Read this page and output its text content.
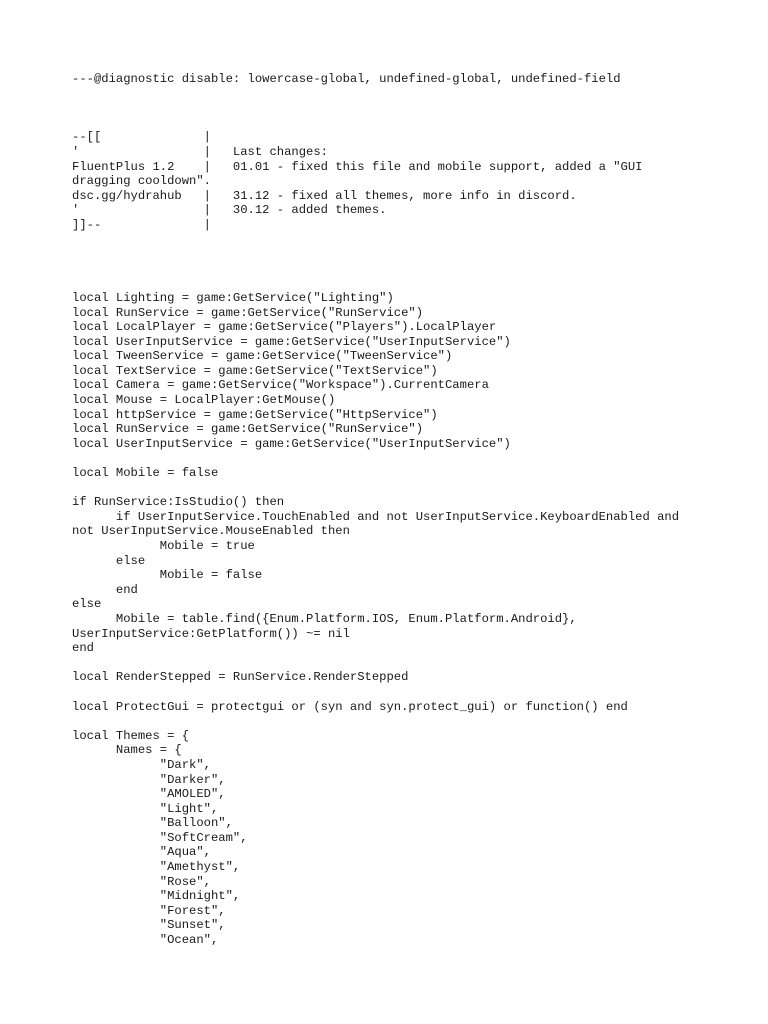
---@diagnostic disable: lowercase-global, undefined-global, undefined-field

--[[              |
'                 |   Last changes:
FluentPlus 1.2    |   01.01 - fixed this file and mobile support, added a "GUI
dragging cooldown".
dsc.gg/hydrahub   |   31.12 - fixed all themes, more info in discord.
'                 |   30.12 - added themes.
]]--              |

local Lighting = game:GetService("Lighting")
local RunService = game:GetService("RunService")
local LocalPlayer = game:GetService("Players").LocalPlayer
local UserInputService = game:GetService("UserInputService")
local TweenService = game:GetService("TweenService")
local TextService = game:GetService("TextService")
local Camera = game:GetService("Workspace").CurrentCamera
local Mouse = LocalPlayer:GetMouse()
local httpService = game:GetService("HttpService")
local RunService = game:GetService("RunService")
local UserInputService = game:GetService("UserInputService")

local Mobile = false

if RunService:IsStudio() then
if UserInputService.TouchEnabled and not UserInputService.KeyboardEnabled and
not UserInputService.MouseEnabled then
Mobile = true
else
Mobile = false
end
else
Mobile = table.find({Enum.Platform.IOS, Enum.Platform.Android},
UserInputService:GetPlatform()) ~= nil
end

local RenderStepped = RunService.RenderStepped

local ProtectGui = protectgui or (syn and syn.protect_gui) or function() end

local Themes = {
Names = {
"Dark",
"Darker",
"AMOLED",
"Light",
"Balloon",
"SoftCream",
"Aqua",
"Amethyst",
"Rose",
"Midnight",
"Forest",
"Sunset",
"Ocean",
